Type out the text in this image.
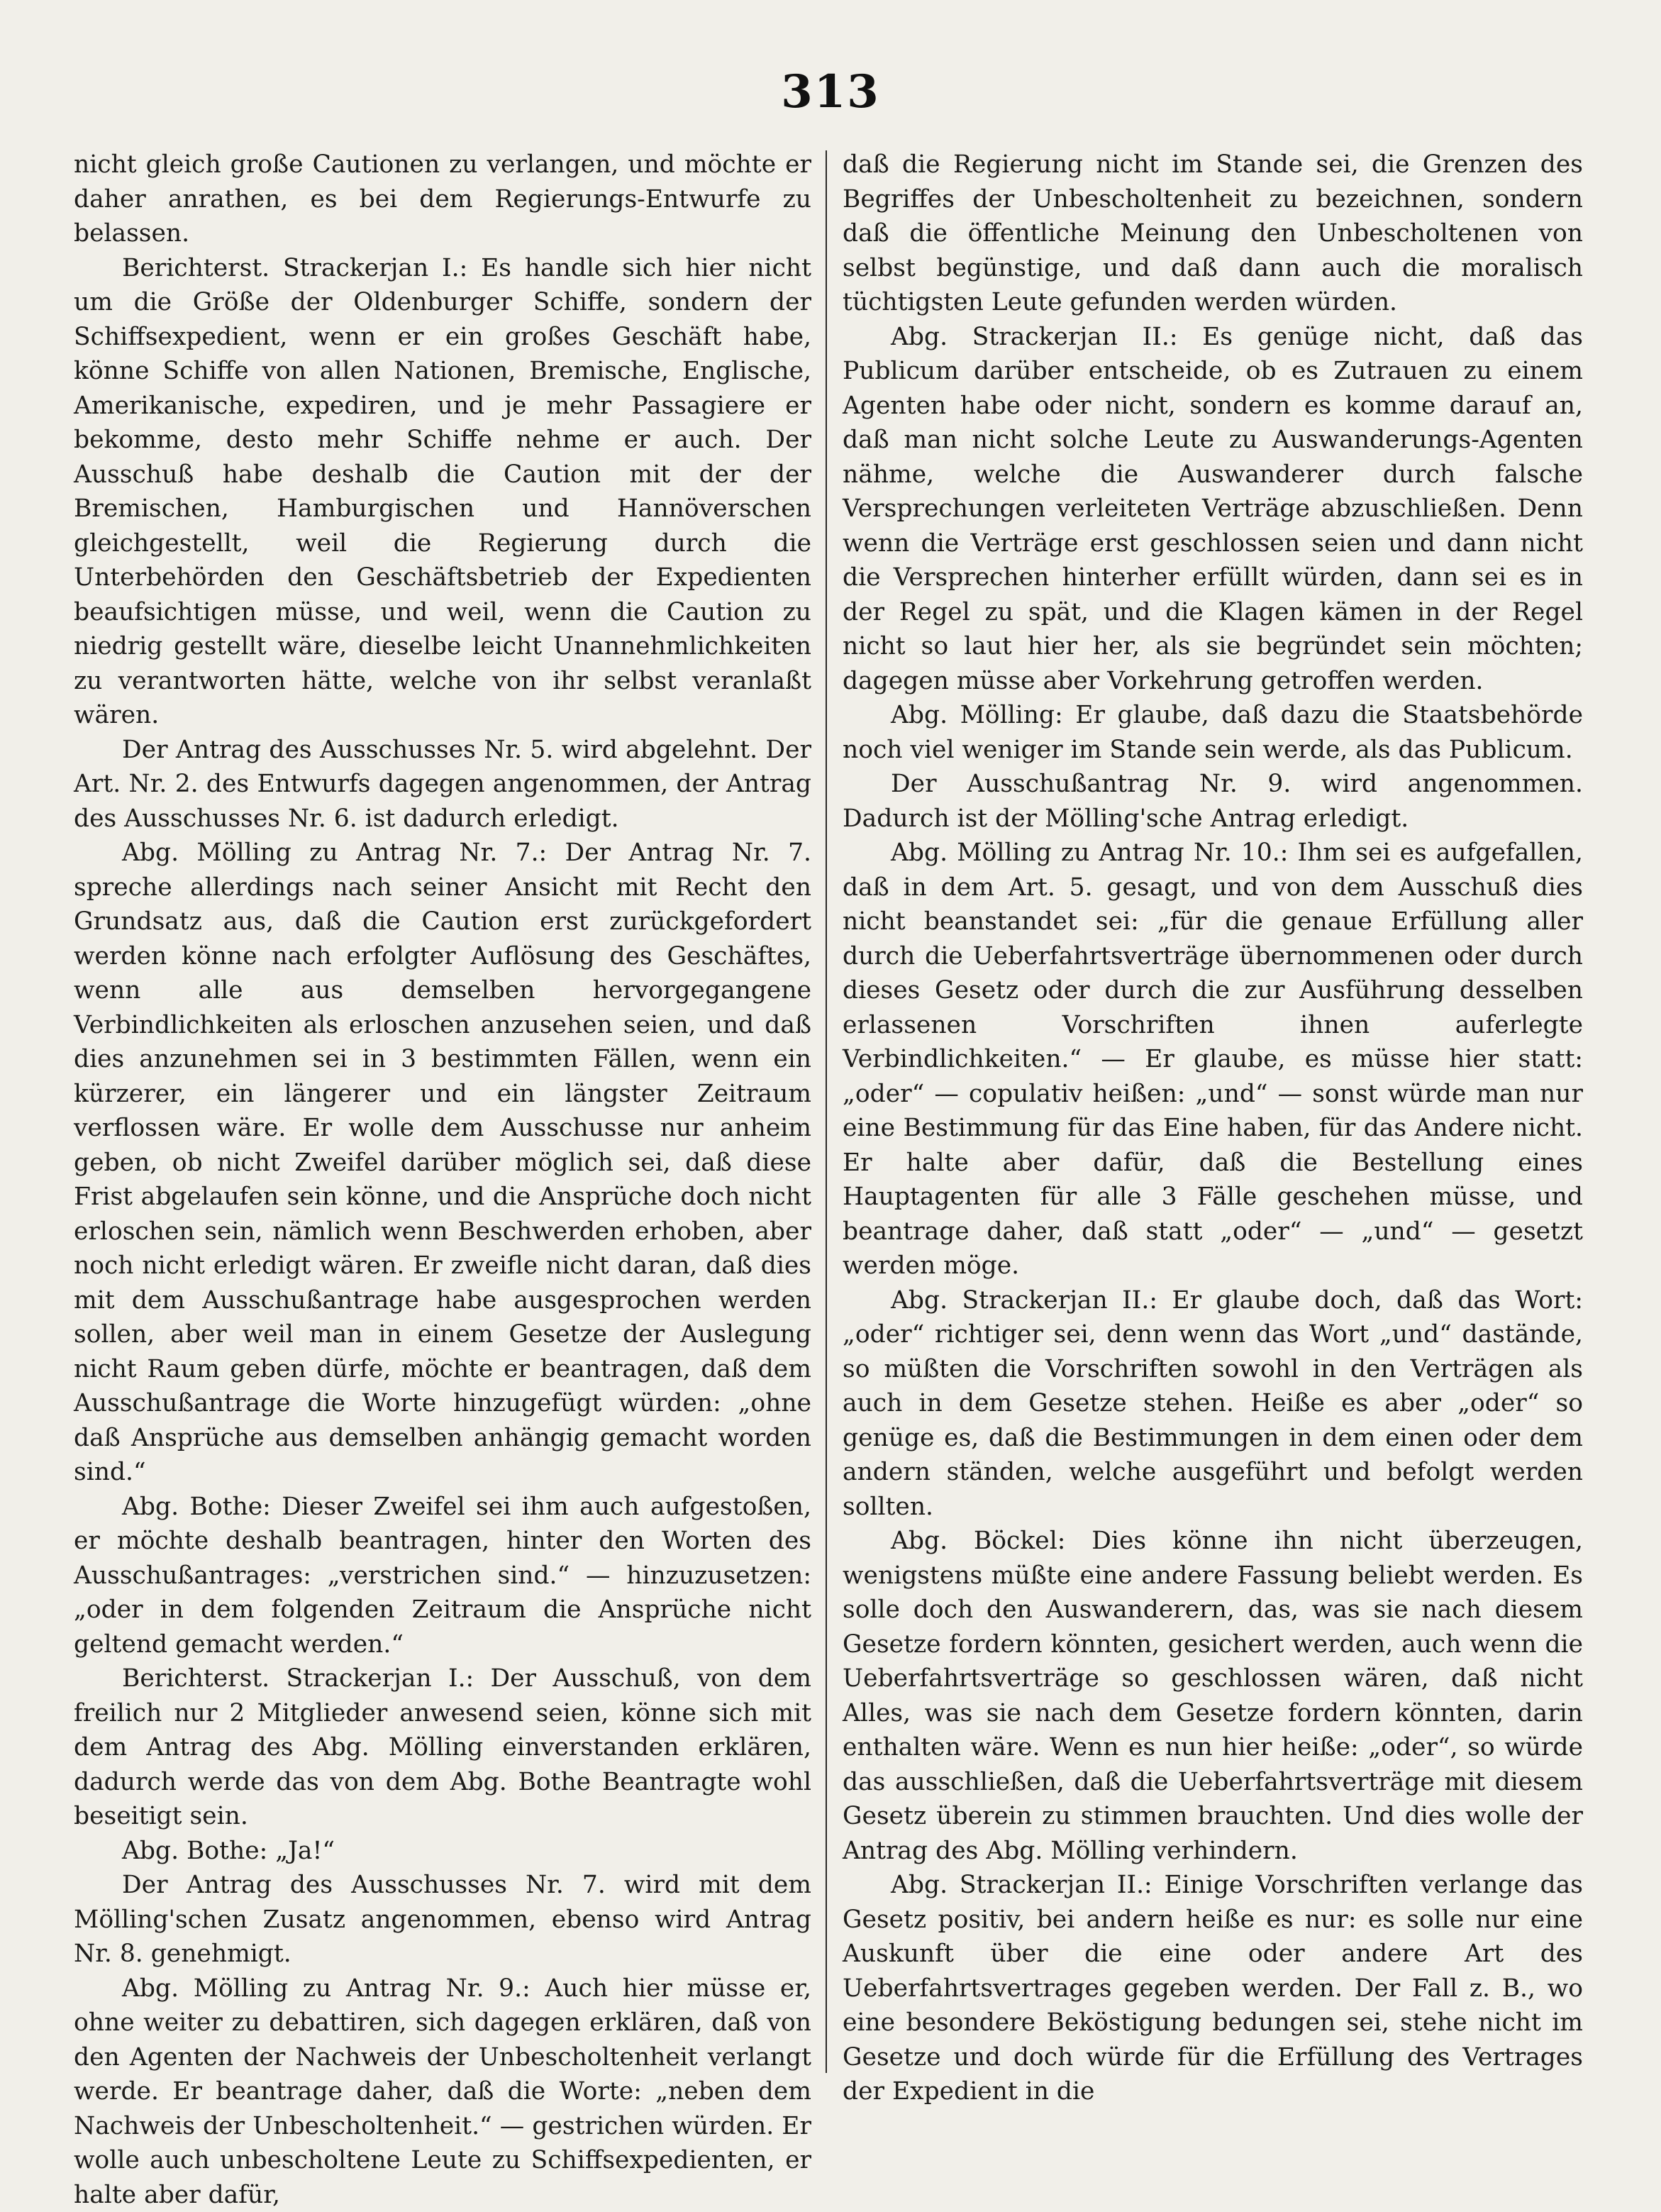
313

nicht gleich große Cautionen zu verlangen, und möchte er daher anrathen, es bei dem Regierungs-Entwurfe zu belassen.

Berichterst. Strackerjan I.: Es handle sich hier nicht um die Größe der Oldenburger Schiffe, sondern der Schiffsexpedient, wenn er ein großes Geschäft habe, könne Schiffe von allen Nationen, Bremische, Englische, Amerikanische, expediren, und je mehr Passagiere er bekomme, desto mehr Schiffe nehme er auch. Der Ausschuß habe deshalb die Caution mit der der Bremischen, Hamburgischen und Hannöverschen gleichgestellt, weil die Regierung durch die Unterbehörden den Geschäftsbetrieb der Expedienten beaufsichtigen müsse, und weil, wenn die Caution zu niedrig gestellt wäre, dieselbe leicht Unannehmlichkeiten zu verantworten hätte, welche von ihr selbst veranlaßt wären.

Der Antrag des Ausschusses Nr. 5. wird abgelehnt. Der Art. Nr. 2. des Entwurfs dagegen angenommen, der Antrag des Ausschusses Nr. 6. ist dadurch erledigt.

Abg. Mölling zu Antrag Nr. 7.: Der Antrag Nr. 7. spreche allerdings nach seiner Ansicht mit Recht den Grundsatz aus, daß die Caution erst zurückgefordert werden könne nach erfolgter Auflösung des Geschäftes, wenn alle aus demselben hervorgegangene Verbindlichkeiten als erloschen anzusehen seien, und daß dies anzunehmen sei in 3 bestimmten Fällen, wenn ein kürzerer, ein längerer und ein längster Zeitraum verflossen wäre. Er wolle dem Ausschusse nur anheim geben, ob nicht Zweifel darüber möglich sei, daß diese Frist abgelaufen sein könne, und die Ansprüche doch nicht erloschen sein, nämlich wenn Beschwerden erhoben, aber noch nicht erledigt wären. Er zweifle nicht daran, daß dies mit dem Ausschußantrage habe ausgesprochen werden sollen, aber weil man in einem Gesetze der Auslegung nicht Raum geben dürfe, möchte er beantragen, daß dem Ausschußantrage die Worte hinzugefügt würden: „ohne daß Ansprüche aus demselben anhängig gemacht worden sind.“

Abg. Bothe: Dieser Zweifel sei ihm auch aufgestoßen, er möchte deshalb beantragen, hinter den Worten des Ausschußantrages: „verstrichen sind.“ — hinzuzusetzen: „oder in dem folgenden Zeitraum die Ansprüche nicht geltend gemacht werden.“

Berichterst. Strackerjan I.: Der Ausschuß, von dem freilich nur 2 Mitglieder anwesend seien, könne sich mit dem Antrag des Abg. Mölling einverstanden erklären, dadurch werde das von dem Abg. Bothe Beantragte wohl beseitigt sein.

Abg. Bothe: „Ja!“

Der Antrag des Ausschusses Nr. 7. wird mit dem Mölling'schen Zusatz angenommen, ebenso wird Antrag Nr. 8. genehmigt.

Abg. Mölling zu Antrag Nr. 9.: Auch hier müsse er, ohne weiter zu debattiren, sich dagegen erklären, daß von den Agenten der Nachweis der Unbescholtenheit verlangt werde. Er beantrage daher, daß die Worte: „neben dem Nachweis der Unbescholtenheit.“ — gestrichen würden. Er wolle auch unbescholtene Leute zu Schiffsexpedienten, er halte aber dafür,

daß die Regierung nicht im Stande sei, die Grenzen des Begriffes der Unbescholtenheit zu bezeichnen, sondern daß die öffentliche Meinung den Unbescholtenen von selbst begünstige, und daß dann auch die moralisch tüchtigsten Leute gefunden werden würden.

Abg. Strackerjan II.: Es genüge nicht, daß das Publicum darüber entscheide, ob es Zutrauen zu einem Agenten habe oder nicht, sondern es komme darauf an, daß man nicht solche Leute zu Auswanderungs-Agenten nähme, welche die Auswanderer durch falsche Versprechungen verleiteten Verträge abzuschließen. Denn wenn die Verträge erst geschlossen seien und dann nicht die Versprechen hinterher erfüllt würden, dann sei es in der Regel zu spät, und die Klagen kämen in der Regel nicht so laut hier her, als sie begründet sein möchten; dagegen müsse aber Vorkehrung getroffen werden.

Abg. Mölling: Er glaube, daß dazu die Staatsbehörde noch viel weniger im Stande sein werde, als das Publicum.

Der Ausschußantrag Nr. 9. wird angenommen. Dadurch ist der Mölling'sche Antrag erledigt.

Abg. Mölling zu Antrag Nr. 10.: Ihm sei es aufgefallen, daß in dem Art. 5. gesagt, und von dem Ausschuß dies nicht beanstandet sei: „für die genaue Erfüllung aller durch die Ueberfahrtsverträge übernommenen oder durch dieses Gesetz oder durch die zur Ausführung desselben erlassenen Vorschriften ihnen auferlegte Verbindlichkeiten.“ — Er glaube, es müsse hier statt: „oder“ — copulativ heißen: „und“ — sonst würde man nur eine Bestimmung für das Eine haben, für das Andere nicht. Er halte aber dafür, daß die Bestellung eines Hauptagenten für alle 3 Fälle geschehen müsse, und beantrage daher, daß statt „oder“ — „und“ — gesetzt werden möge.

Abg. Strackerjan II.: Er glaube doch, daß das Wort: „oder“ richtiger sei, denn wenn das Wort „und“ dastände, so müßten die Vorschriften sowohl in den Verträgen als auch in dem Gesetze stehen. Heiße es aber „oder“ so genüge es, daß die Bestimmungen in dem einen oder dem andern ständen, welche ausgeführt und befolgt werden sollten.

Abg. Böckel: Dies könne ihn nicht überzeugen, wenigstens müßte eine andere Fassung beliebt werden. Es solle doch den Auswanderern, das, was sie nach diesem Gesetze fordern könnten, gesichert werden, auch wenn die Ueberfahrtsverträge so geschlossen wären, daß nicht Alles, was sie nach dem Gesetze fordern könnten, darin enthalten wäre. Wenn es nun hier heiße: „oder“, so würde das ausschließen, daß die Ueberfahrtsverträge mit diesem Gesetz überein zu stimmen brauchten. Und dies wolle der Antrag des Abg. Mölling verhindern.

Abg. Strackerjan II.: Einige Vorschriften verlange das Gesetz positiv, bei andern heiße es nur: es solle nur eine Auskunft über die eine oder andere Art des Ueberfahrtsvertrages gegeben werden. Der Fall z. B., wo eine besondere Beköstigung bedungen sei, stehe nicht im Gesetze und doch würde für die Erfüllung des Vertrages der Expedient in die
